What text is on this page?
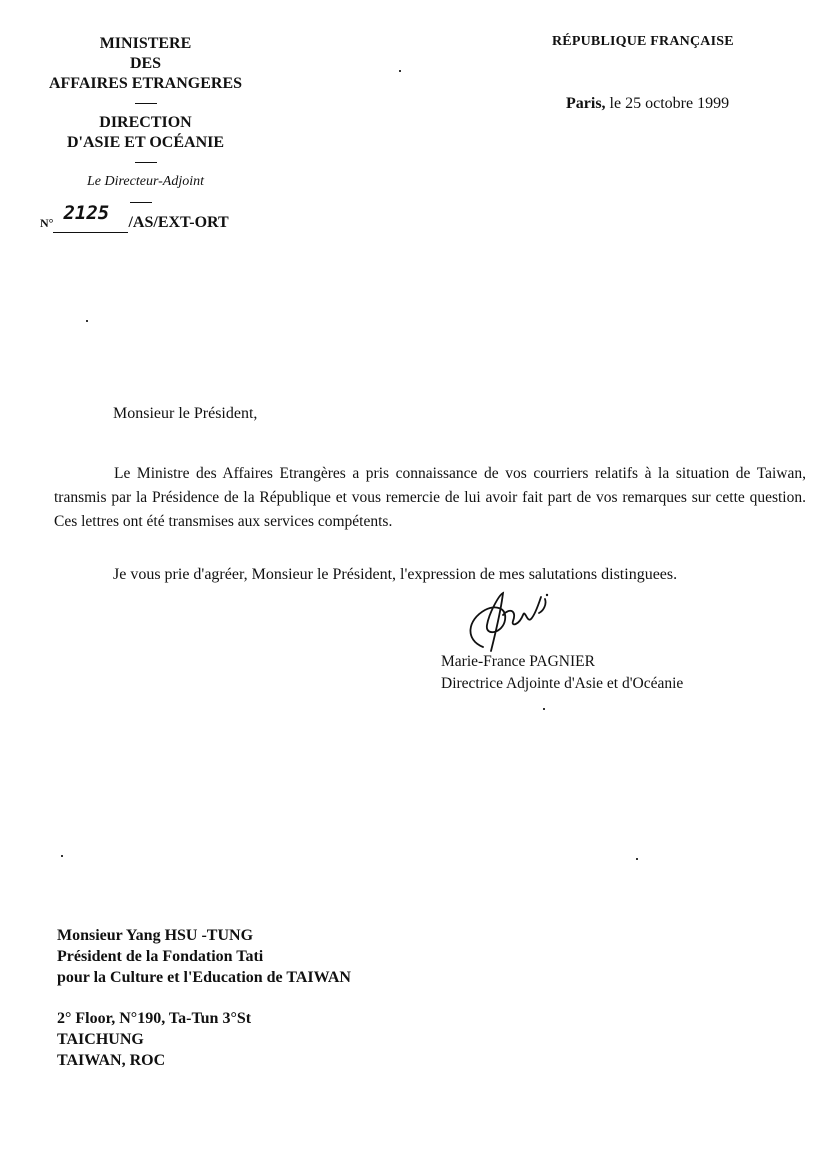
MINISTERE
DES
AFFAIRES ETRANGERES
DIRECTION
D'ASIE ET OCÉANIE
Le Directeur-Adjoint
N° 2125 /AS/EXT-ORT
RÉPUBLIQUE FRANÇAISE
Paris, le 25 octobre 1999
Monsieur le Président,
Le Ministre des Affaires Etrangères a pris connaissance de vos courriers relatifs à la situation de Taiwan, transmis par la Présidence de la République et vous remercie de lui avoir fait part de vos remarques sur cette question. Ces lettres ont été transmises aux services compétents.
Je vous prie d'agréer, Monsieur le Président, l'expression de mes salutations distinguees.
Marie-France PAGNIER
Directrice Adjointe d'Asie et d'Océanie
Monsieur Yang HSU -TUNG
Président de la Fondation Tati
pour la Culture et l'Education de TAIWAN
2° Floor, N°190, Ta-Tun 3°St
TAICHUNG
TAIWAN, ROC
